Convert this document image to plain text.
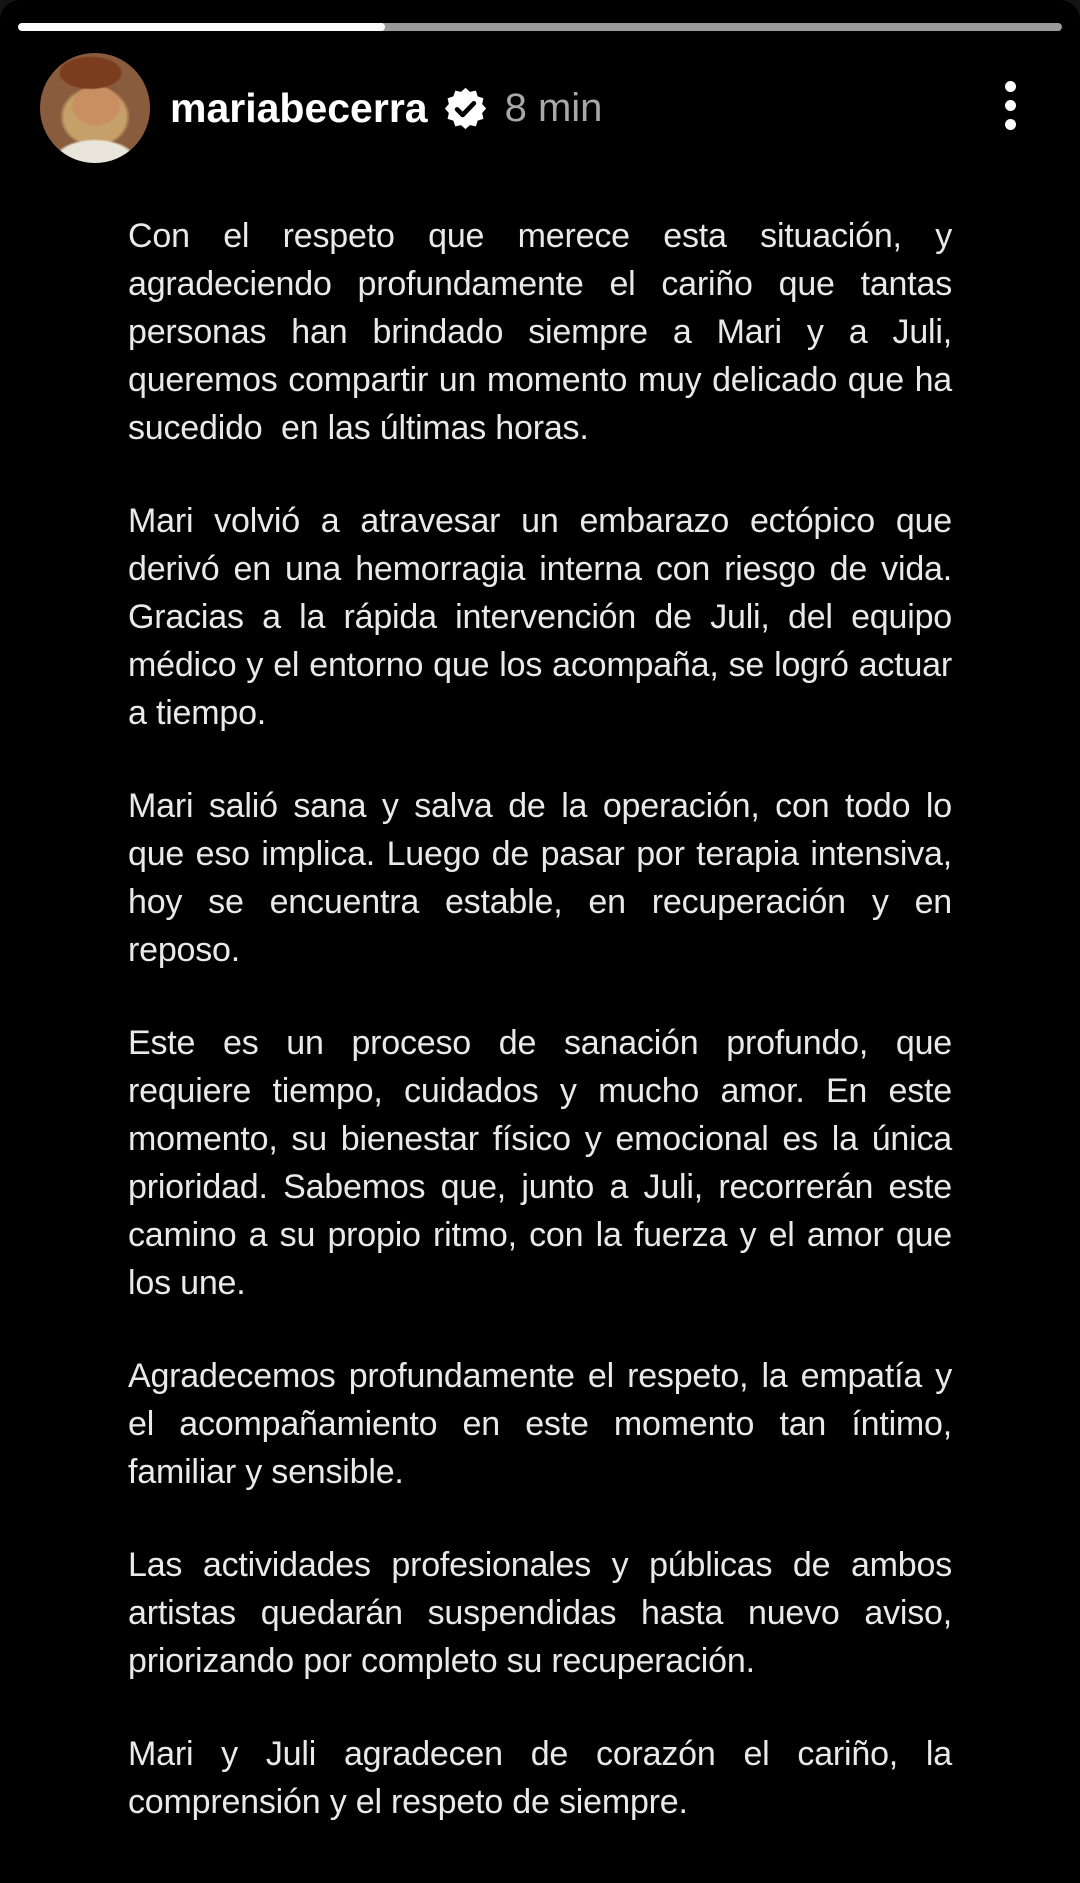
mariabecerra 8 min

Con el respeto que merece esta situación, y agradeciendo profundamente el cariño que tantas personas han brindado siempre a Mari y a Juli, queremos compartir un momento muy delicado que ha sucedido  en las últimas horas.

Mari volvió a atravesar un embarazo ectópico que derivó en una hemorragia interna con riesgo de vida. Gracias a la rápida intervención de Juli, del equipo médico y el entorno que los acompaña, se logró actuar a tiempo.

Mari salió sana y salva de la operación, con todo lo que eso implica. Luego de pasar por terapia intensiva, hoy se encuentra estable, en recuperación y en reposo.

Este es un proceso de sanación profundo, que requiere tiempo, cuidados y mucho amor. En este momento, su bienestar físico y emocional es la única prioridad. Sabemos que, junto a Juli, recorrerán este camino a su propio ritmo, con la fuerza y el amor que los une.

Agradecemos profundamente el respeto, la empatía y el acompañamiento en este momento tan íntimo, familiar y sensible.

Las actividades profesionales y públicas de ambos artistas quedarán suspendidas hasta nuevo aviso, priorizando por completo su recuperación.

Mari y Juli agradecen de corazón el cariño, la comprensión y el respeto de siempre.
